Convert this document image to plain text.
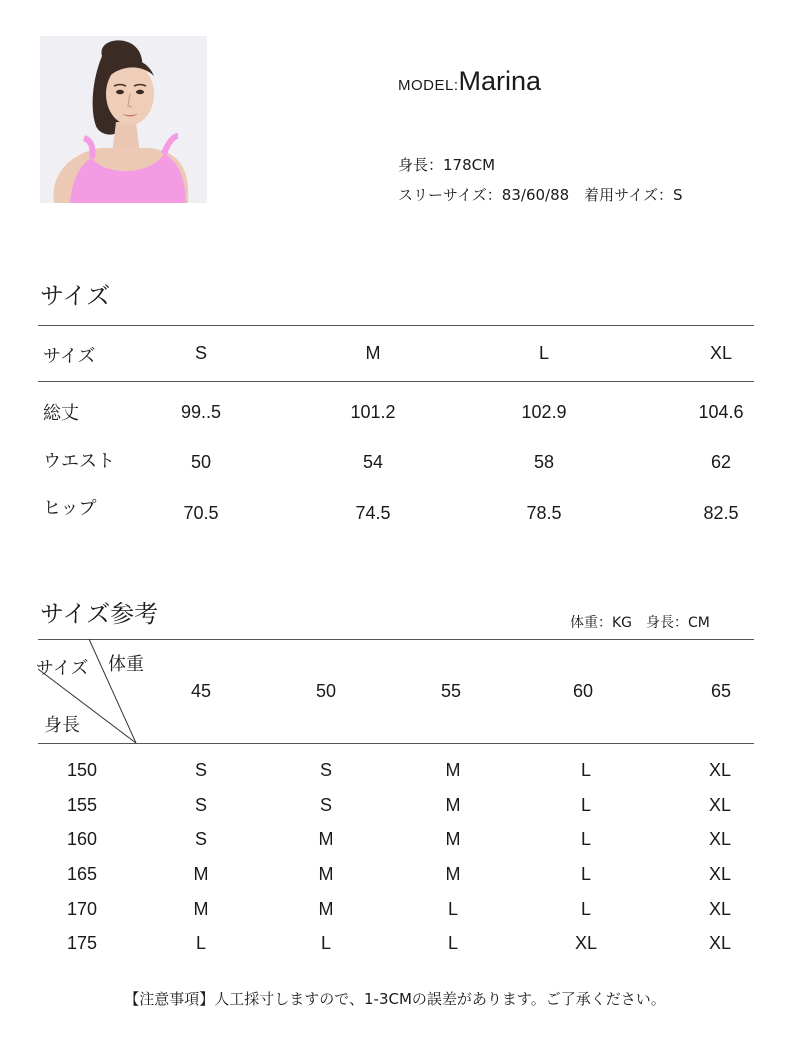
MODEL:Marina
身長：178CM
スリーサイズ：83/60/88　着用サイズ：S
サイズ
サイズ	S	M	L	XL
総丈	99..5	101.2	102.9	104.6
ウエスト	50	54	58	62
ヒップ	70.5	74.5	78.5	82.5
サイズ参考	体重：KG　身長：CM
サイズ 体重
身長
45	50	55	60	65
150	S	S	M	L	XL
155	S	S	M	L	XL
160	S	M	M	L	XL
165	M	M	M	L	XL
170	M	M	L	L	XL
175	L	L	L	XL	XL
【注意事項】人工採寸しますので、1-3CMの誤差があります。ご了承ください。
